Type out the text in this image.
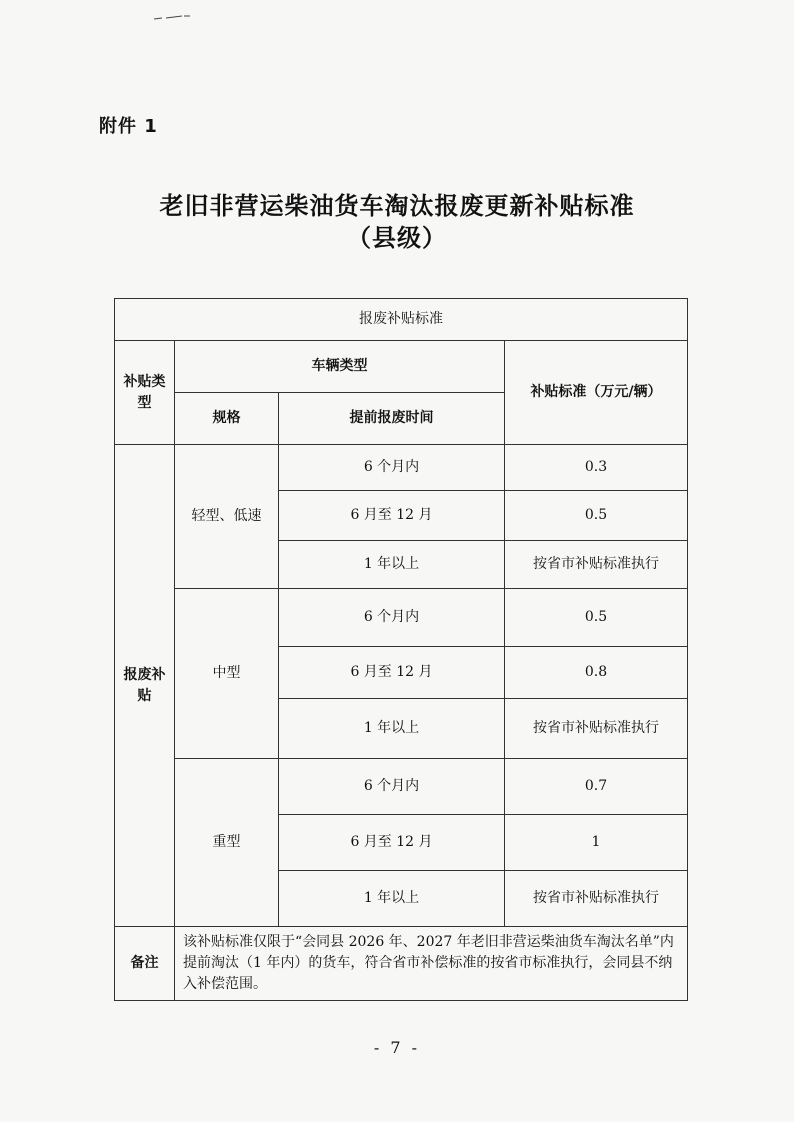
附件 1
老旧非营运柴油货车淘汰报废更新补贴标准
（县级）
报废补贴标准			
补贴类型	车辆类型		补贴标准（万元/辆）
	规格	提前报废时间	
报废补贴	轻型、低速	6 个月内	0.3
		6 月至 12 月	0.5
		1 年以上	按省市补贴标准执行
	中型	6 个月内	0.5
		6 月至 12 月	0.8
		1 年以上	按省市补贴标准执行
	重型	6 个月内	0.7
		6 月至 12 月	1
		1 年以上	按省市补贴标准执行
备注	该补贴标准仅限于“会同县 2026 年、2027 年老旧非营运柴油货车淘汰名单”内提前淘汰（1 年内）的货车，符合省市补偿标准的按省市标准执行，会同县不纳入补偿范围。		
- 7 -
